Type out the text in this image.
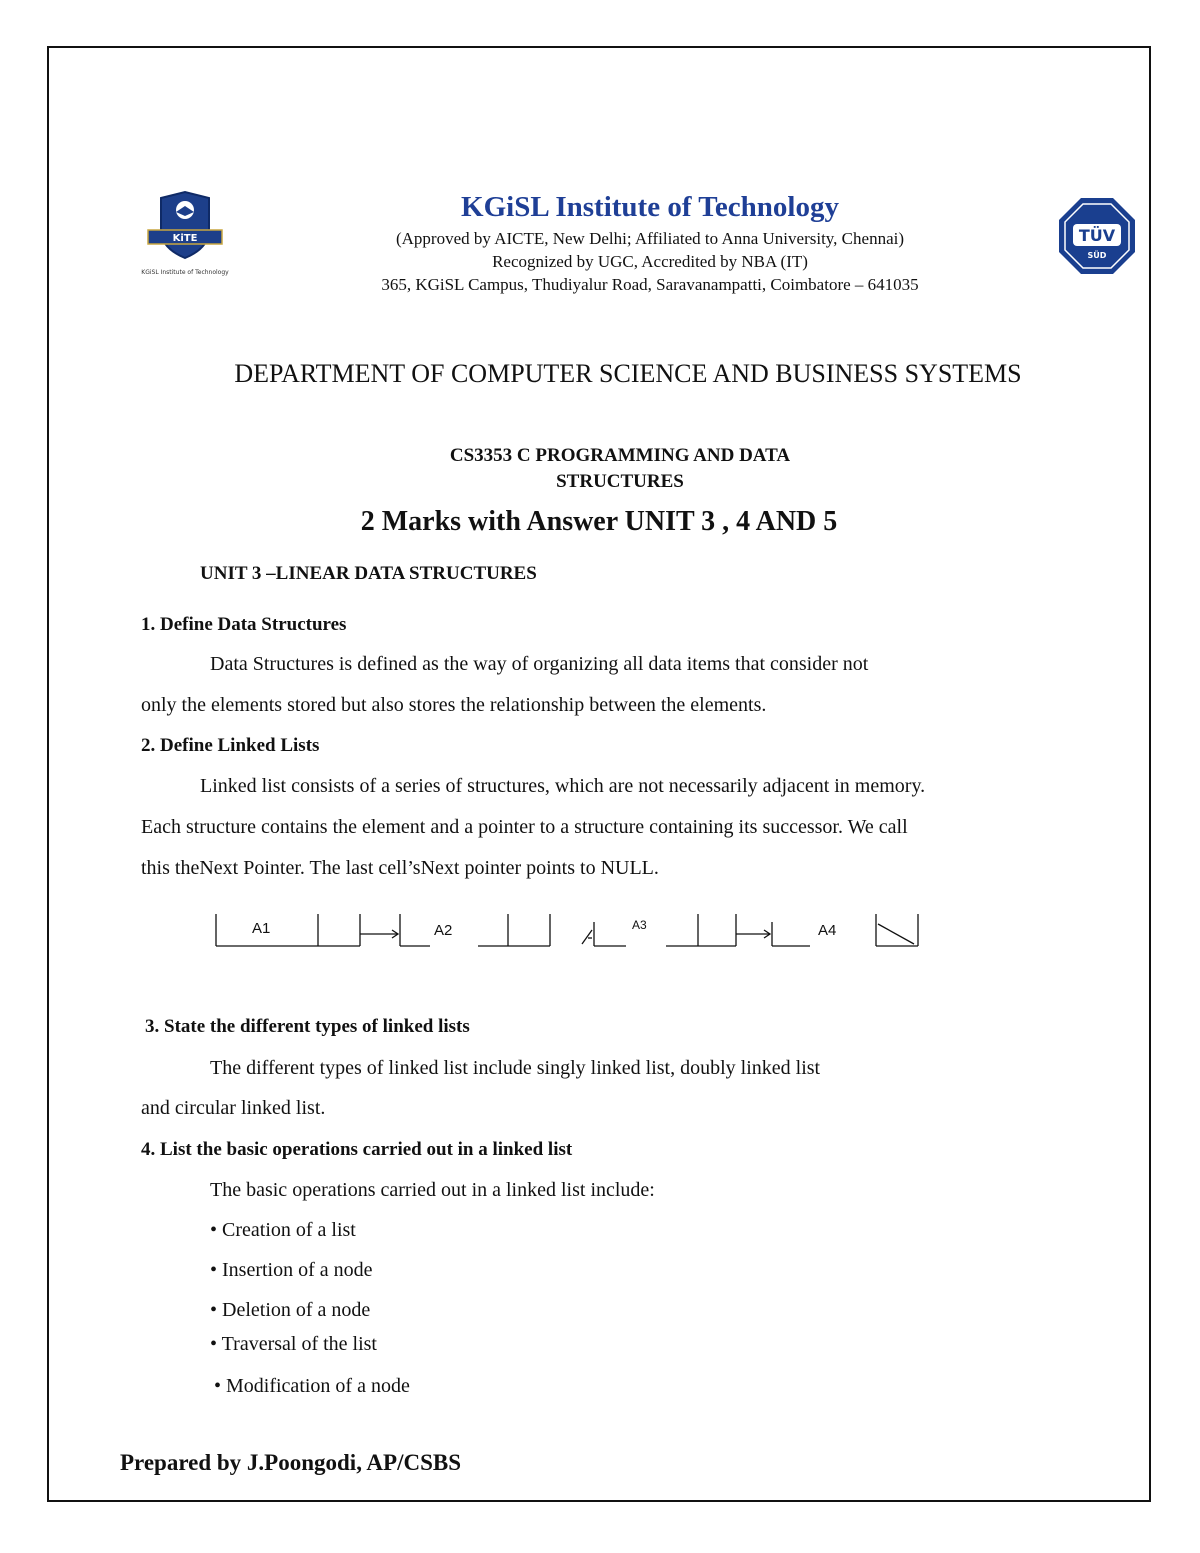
KiTE
KGiSL Institute of Technology
TÜV
SÜD
KGiSL Institute of Technology
(Approved by AICTE, New Delhi; Affiliated to Anna University, Chennai)
Recognized by UGC, Accredited by NBA (IT)
365, KGiSL Campus, Thudiyalur Road, Saravanampatti, Coimbatore – 641035
DEPARTMENT OF COMPUTER SCIENCE AND BUSINESS SYSTEMS
CS3353 C PROGRAMMING AND DATA
STRUCTURES
2 Marks with Answer UNIT 3 , 4 AND 5
UNIT 3 –LINEAR DATA STRUCTURES
1. Define Data Structures
Data Structures is defined as the way of organizing all data items that consider not
only the elements stored but also stores the relationship between the elements.
2. Define Linked Lists
Linked list consists of a series of structures, which are not necessarily adjacent in memory.
Each structure contains the element and a pointer to a structure containing its successor. We call
this theNext Pointer. The last cell’sNext pointer points to NULL.
A1	A2	A3	A4
3. State the different types of linked lists
The different types of linked list include singly linked list, doubly linked list
and circular linked list.
4. List the basic operations carried out in a linked list
The basic operations carried out in a linked list include:
• Creation of a list
• Insertion of a node
• Deletion of a node
• Traversal of the list
• Modification of a node
Prepared by J.Poongodi, AP/CSBS
